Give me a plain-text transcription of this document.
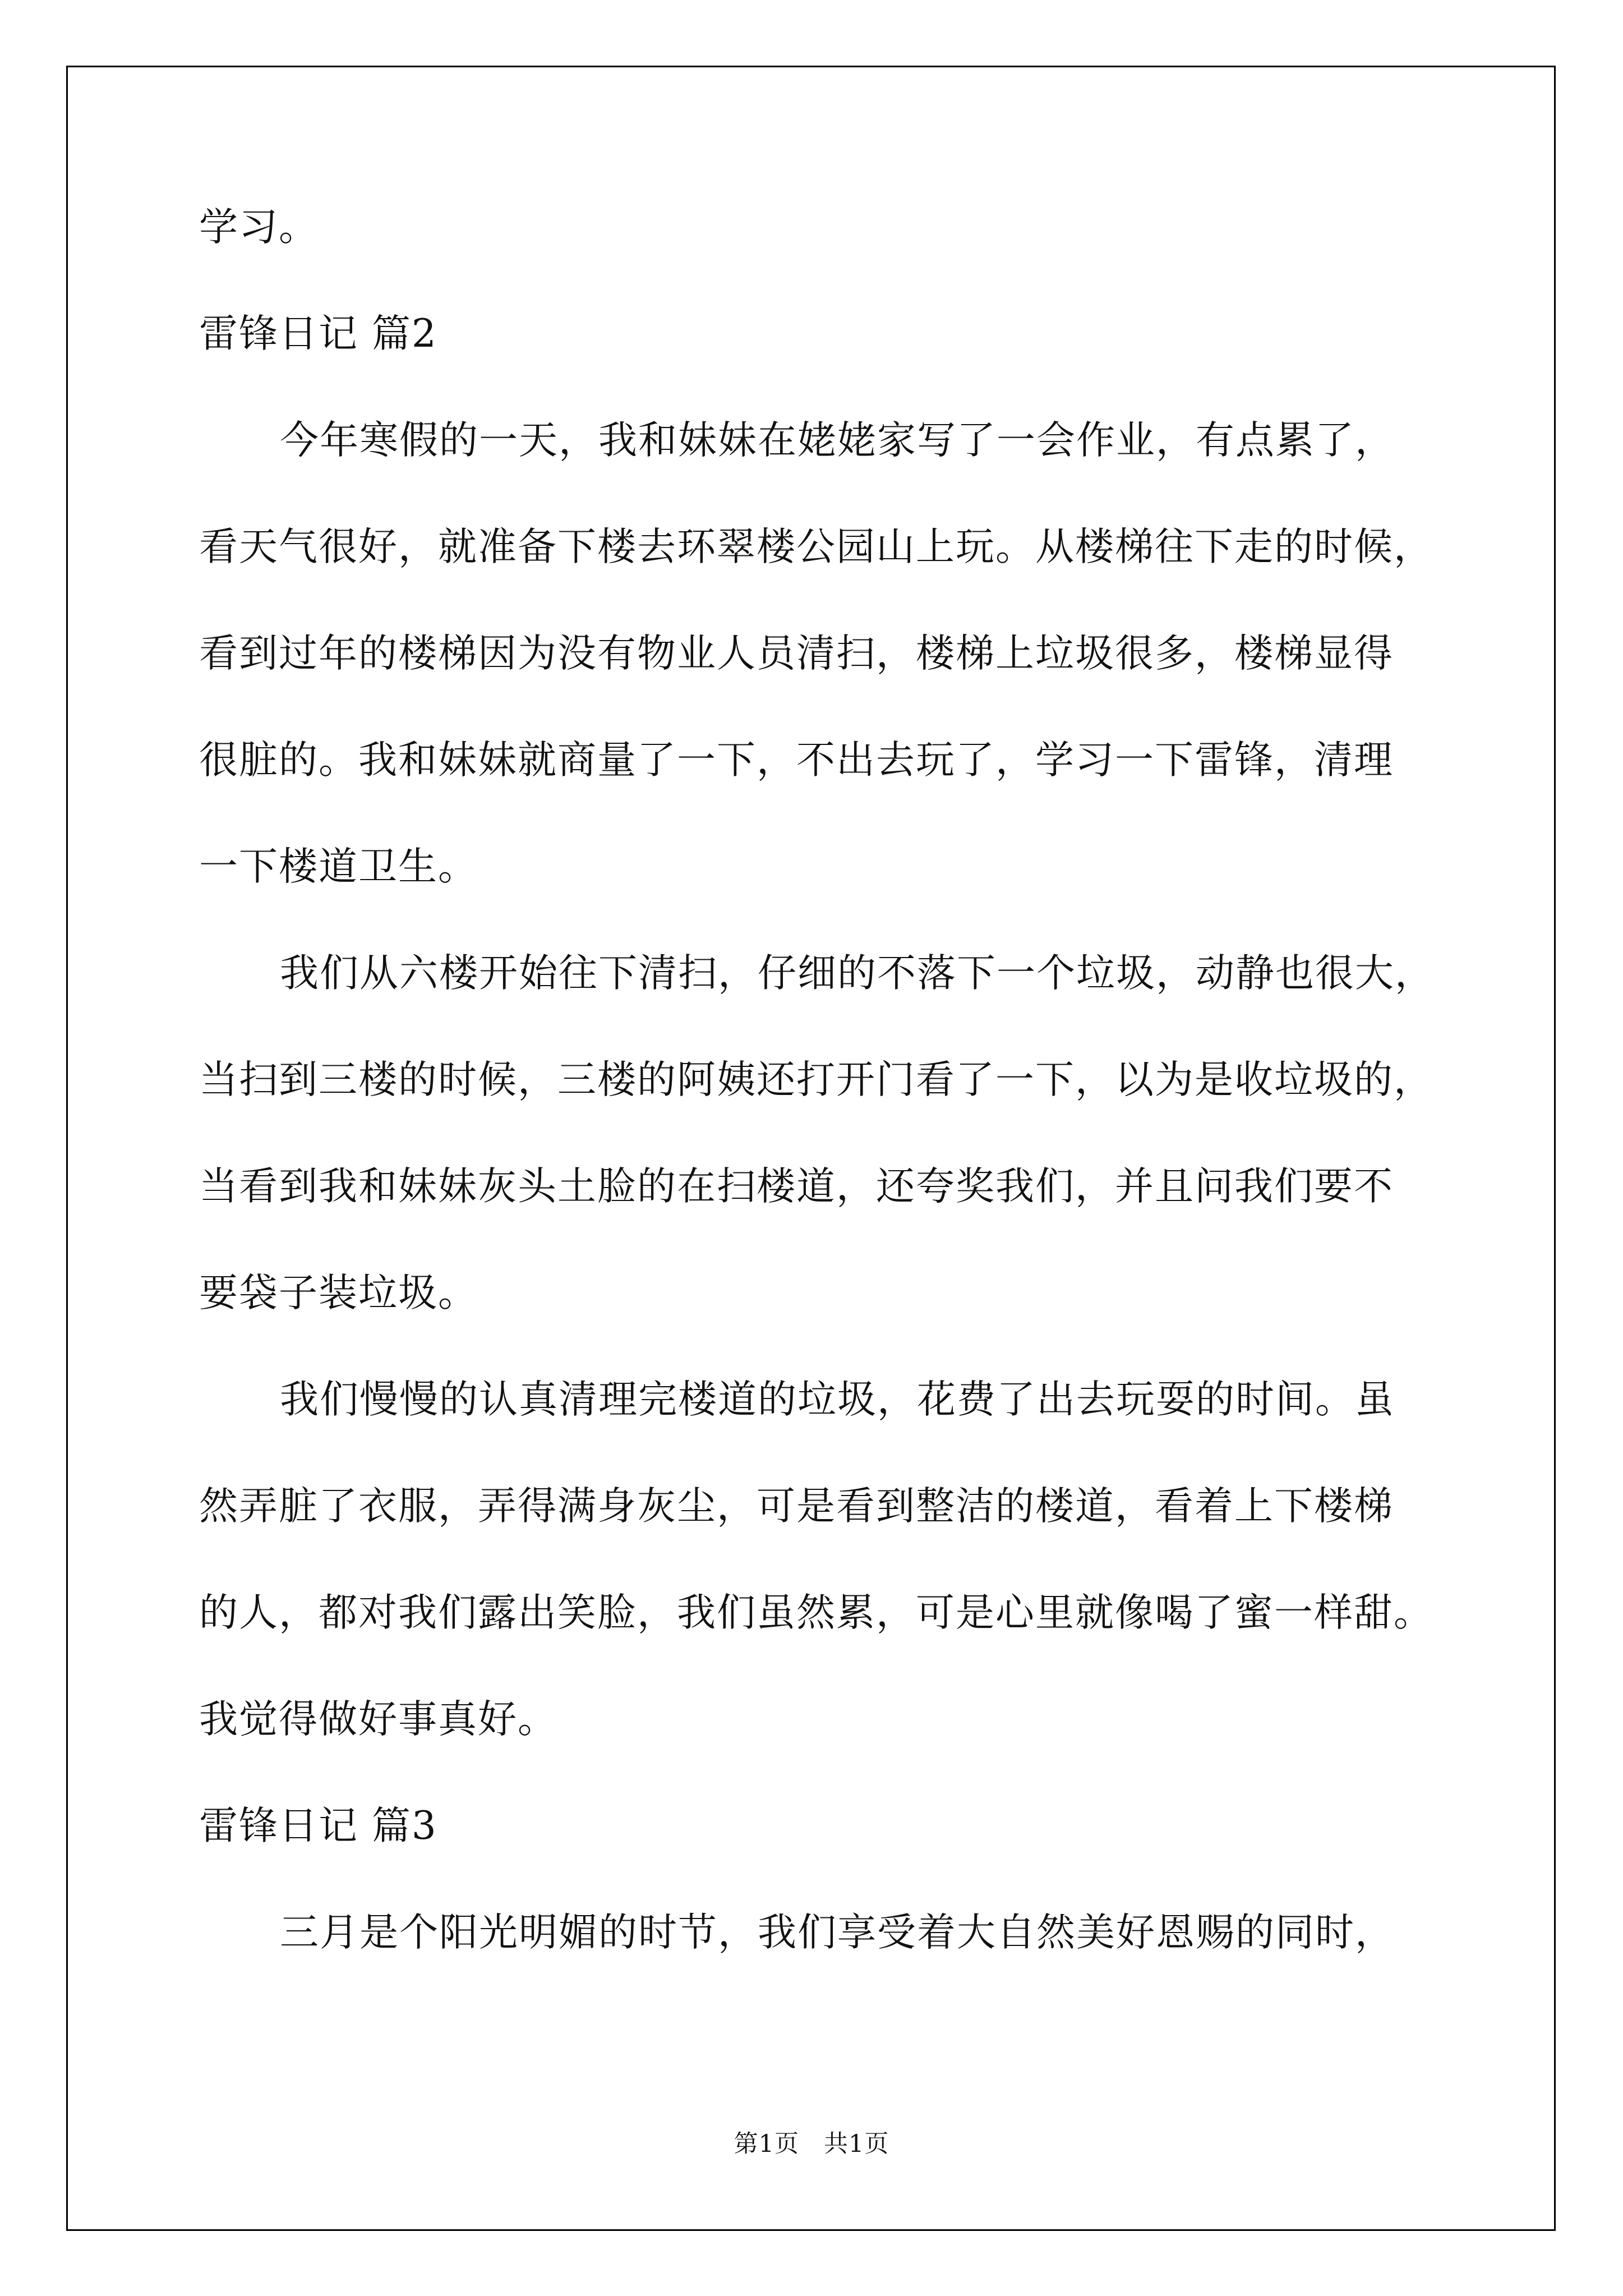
学习。

雷锋日记 篇2

今年寒假的一天，我和妹妹在姥姥家写了一会作业，有点累了，

看天气很好，就准备下楼去环翠楼公园山上玩。从楼梯往下走的时候，

看到过年的楼梯因为没有物业人员清扫，楼梯上垃圾很多，楼梯显得

很脏的。我和妹妹就商量了一下，不出去玩了，学习一下雷锋，清理

一下楼道卫生。

我们从六楼开始往下清扫，仔细的不落下一个垃圾，动静也很大，

当扫到三楼的时候，三楼的阿姨还打开门看了一下，以为是收垃圾的，

当看到我和妹妹灰头土脸的在扫楼道，还夸奖我们，并且问我们要不

要袋子装垃圾。

我们慢慢的认真清理完楼道的垃圾，花费了出去玩耍的时间。虽

然弄脏了衣服，弄得满身灰尘，可是看到整洁的楼道，看着上下楼梯

的人，都对我们露出笑脸，我们虽然累，可是心里就像喝了蜜一样甜。

我觉得做好事真好。

雷锋日记 篇3

三月是个阳光明媚的时节，我们享受着大自然美好恩赐的同时，

第1页　共1页
